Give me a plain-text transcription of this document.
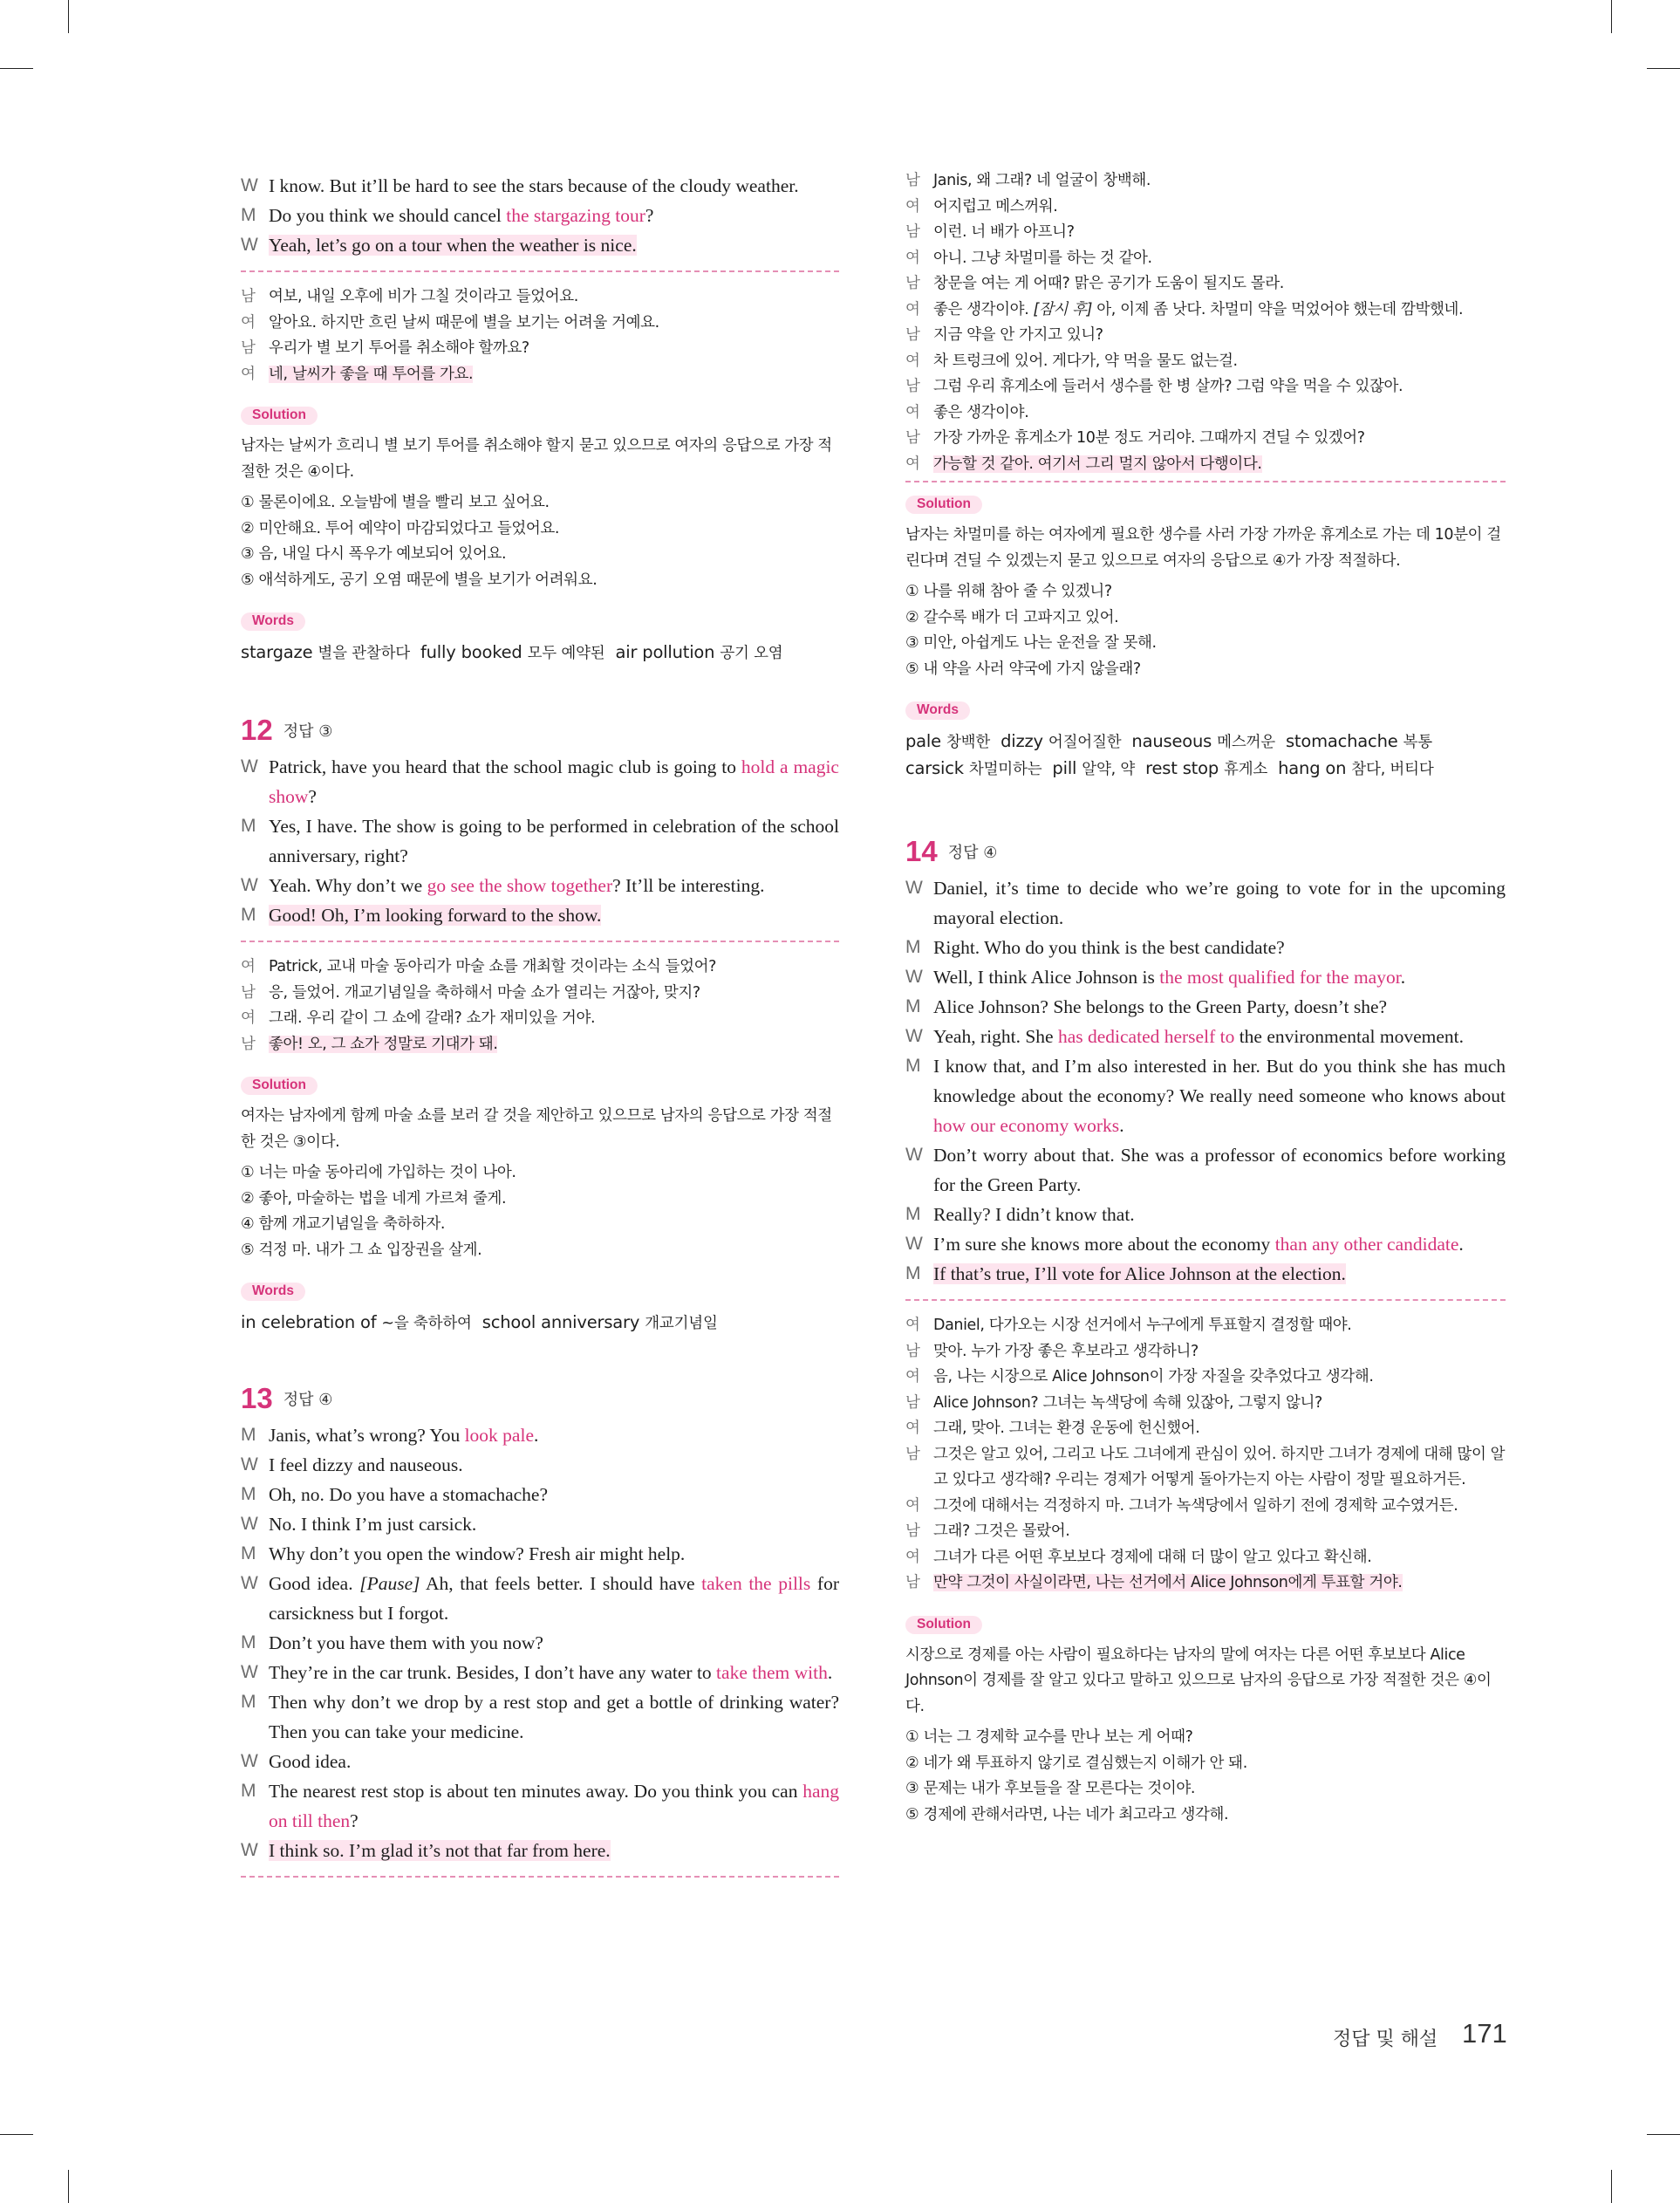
W I know. But it’ll be hard to see the stars because of the cloudy weather.
M Do you think we should cancel the stargazing tour?
W Yeah, let’s go on a tour when the weather is nice.
남 여보, 내일 오후에 비가 그칠 것이라고 들었어요.
여 알아요. 하지만 흐린 날씨 때문에 별을 보기는 어려울 거예요.
남 우리가 별 보기 투어를 취소해야 할까요?
여 네, 날씨가 좋을 때 투어를 가요.
Solution
남자는 날씨가 흐리니 별 보기 투어를 취소해야 할지 묻고 있으므로 여자의 응답으로 가장 적절한 것은 ④이다.
① 물론이에요. 오늘밤에 별을 빨리 보고 싶어요.
② 미안해요. 투어 예약이 마감되었다고 들었어요.
③ 음, 내일 다시 폭우가 예보되어 있어요.
⑤ 애석하게도, 공기 오염 때문에 별을 보기가 어려워요.
Words
stargaze 별을 관찰하다 fully booked 모두 예약된 air pollution 공기 오염
12 정답 ③
W Patrick, have you heard that the school magic club is going to hold a magic show?
M Yes, I have. The show is going to be performed in celebration of the school anniversary, right?
W Yeah. Why don’t we go see the show together? It’ll be interesting.
M Good! Oh, I’m looking forward to the show.
여 Patrick, 교내 마술 동아리가 마술 쇼를 개최할 것이라는 소식 들었어?
남 응, 들었어. 개교기념일을 축하해서 마술 쇼가 열리는 거잖아, 맞지?
여 그래. 우리 같이 그 쇼에 갈래? 쇼가 재미있을 거야.
남 좋아! 오, 그 쇼가 정말로 기대가 돼.
Solution
여자는 남자에게 함께 마술 쇼를 보러 갈 것을 제안하고 있으므로 남자의 응답으로 가장 적절한 것은 ③이다.
① 너는 마술 동아리에 가입하는 것이 나아.
② 좋아, 마술하는 법을 네게 가르쳐 줄게.
④ 함께 개교기념일을 축하하자.
⑤ 걱정 마. 내가 그 쇼 입장권을 살게.
Words
in celebration of ~을 축하하여 school anniversary 개교기념일
13 정답 ④
M Janis, what’s wrong? You look pale.
W I feel dizzy and nauseous.
M Oh, no. Do you have a stomachache?
W No. I think I’m just carsick.
M Why don’t you open the window? Fresh air might help.
W Good idea. [Pause] Ah, that feels better. I should have taken the pills for carsickness but I forgot.
M Don’t you have them with you now?
W They’re in the car trunk. Besides, I don’t have any water to take them with.
M Then why don’t we drop by a rest stop and get a bottle of drinking water? Then you can take your medicine.
W Good idea.
M The nearest rest stop is about ten minutes away. Do you think you can hang on till then?
W I think so. I’m glad it’s not that far from here.
남 Janis, 왜 그래? 네 얼굴이 창백해.
여 어지럽고 메스꺼워.
남 이런. 너 배가 아프니?
여 아니. 그냥 차멀미를 하는 것 같아.
남 창문을 여는 게 어때? 맑은 공기가 도움이 될지도 몰라.
여 좋은 생각이야. [잠시 후] 아, 이제 좀 낫다. 차멀미 약을 먹었어야 했는데 깜박했네.
남 지금 약을 안 가지고 있니?
여 차 트렁크에 있어. 게다가, 약 먹을 물도 없는걸.
남 그럼 우리 휴게소에 들러서 생수를 한 병 살까? 그럼 약을 먹을 수 있잖아.
여 좋은 생각이야.
남 가장 가까운 휴게소가 10분 정도 거리야. 그때까지 견딜 수 있겠어?
여 가능할 것 같아. 여기서 그리 멀지 않아서 다행이다.
Solution
남자는 차멀미를 하는 여자에게 필요한 생수를 사러 가장 가까운 휴게소로 가는 데 10분이 걸린다며 견딜 수 있겠는지 묻고 있으므로 여자의 응답으로 ④가 가장 적절하다.
① 나를 위해 참아 줄 수 있겠니?
② 갈수록 배가 더 고파지고 있어.
③ 미안, 아쉽게도 나는 운전을 잘 못해.
⑤ 내 약을 사러 약국에 가지 않을래?
Words
pale 창백한 dizzy 어질어질한 nauseous 메스꺼운 stomachache 복통
carsick 차멀미하는 pill 알약, 약 rest stop 휴게소 hang on 참다, 버티다
14 정답 ④
W Daniel, it’s time to decide who we’re going to vote for in the upcoming mayoral election.
M Right. Who do you think is the best candidate?
W Well, I think Alice Johnson is the most qualified for the mayor.
M Alice Johnson? She belongs to the Green Party, doesn’t she?
W Yeah, right. She has dedicated herself to the environmental movement.
M I know that, and I’m also interested in her. But do you think she has much knowledge about the economy? We really need someone who knows about how our economy works.
W Don’t worry about that. She was a professor of economics before working for the Green Party.
M Really? I didn’t know that.
W I’m sure she knows more about the economy than any other candidate.
M If that’s true, I’ll vote for Alice Johnson at the election.
여 Daniel, 다가오는 시장 선거에서 누구에게 투표할지 결정할 때야.
남 맞아. 누가 가장 좋은 후보라고 생각하니?
여 음, 나는 시장으로 Alice Johnson이 가장 자질을 갖추었다고 생각해.
남 Alice Johnson? 그녀는 녹색당에 속해 있잖아, 그렇지 않니?
여 그래, 맞아. 그녀는 환경 운동에 헌신했어.
남 그것은 알고 있어, 그리고 나도 그녀에게 관심이 있어. 하지만 그녀가 경제에 대해 많이 알고 있다고 생각해? 우리는 경제가 어떻게 돌아가는지 아는 사람이 정말 필요하거든.
여 그것에 대해서는 걱정하지 마. 그녀가 녹색당에서 일하기 전에 경제학 교수였거든.
남 그래? 그것은 몰랐어.
여 그녀가 다른 어떤 후보보다 경제에 대해 더 많이 알고 있다고 확신해.
남 만약 그것이 사실이라면, 나는 선거에서 Alice Johnson에게 투표할 거야.
Solution
시장으로 경제를 아는 사람이 필요하다는 남자의 말에 여자는 다른 어떤 후보보다 Alice Johnson이 경제를 잘 알고 있다고 말하고 있으므로 남자의 응답으로 가장 적절한 것은 ④이다.
① 너는 그 경제학 교수를 만나 보는 게 어때?
② 네가 왜 투표하지 않기로 결심했는지 이해가 안 돼.
③ 문제는 내가 후보들을 잘 모른다는 것이야.
⑤ 경제에 관해서라면, 나는 네가 최고라고 생각해.
정답 및 해설 171
